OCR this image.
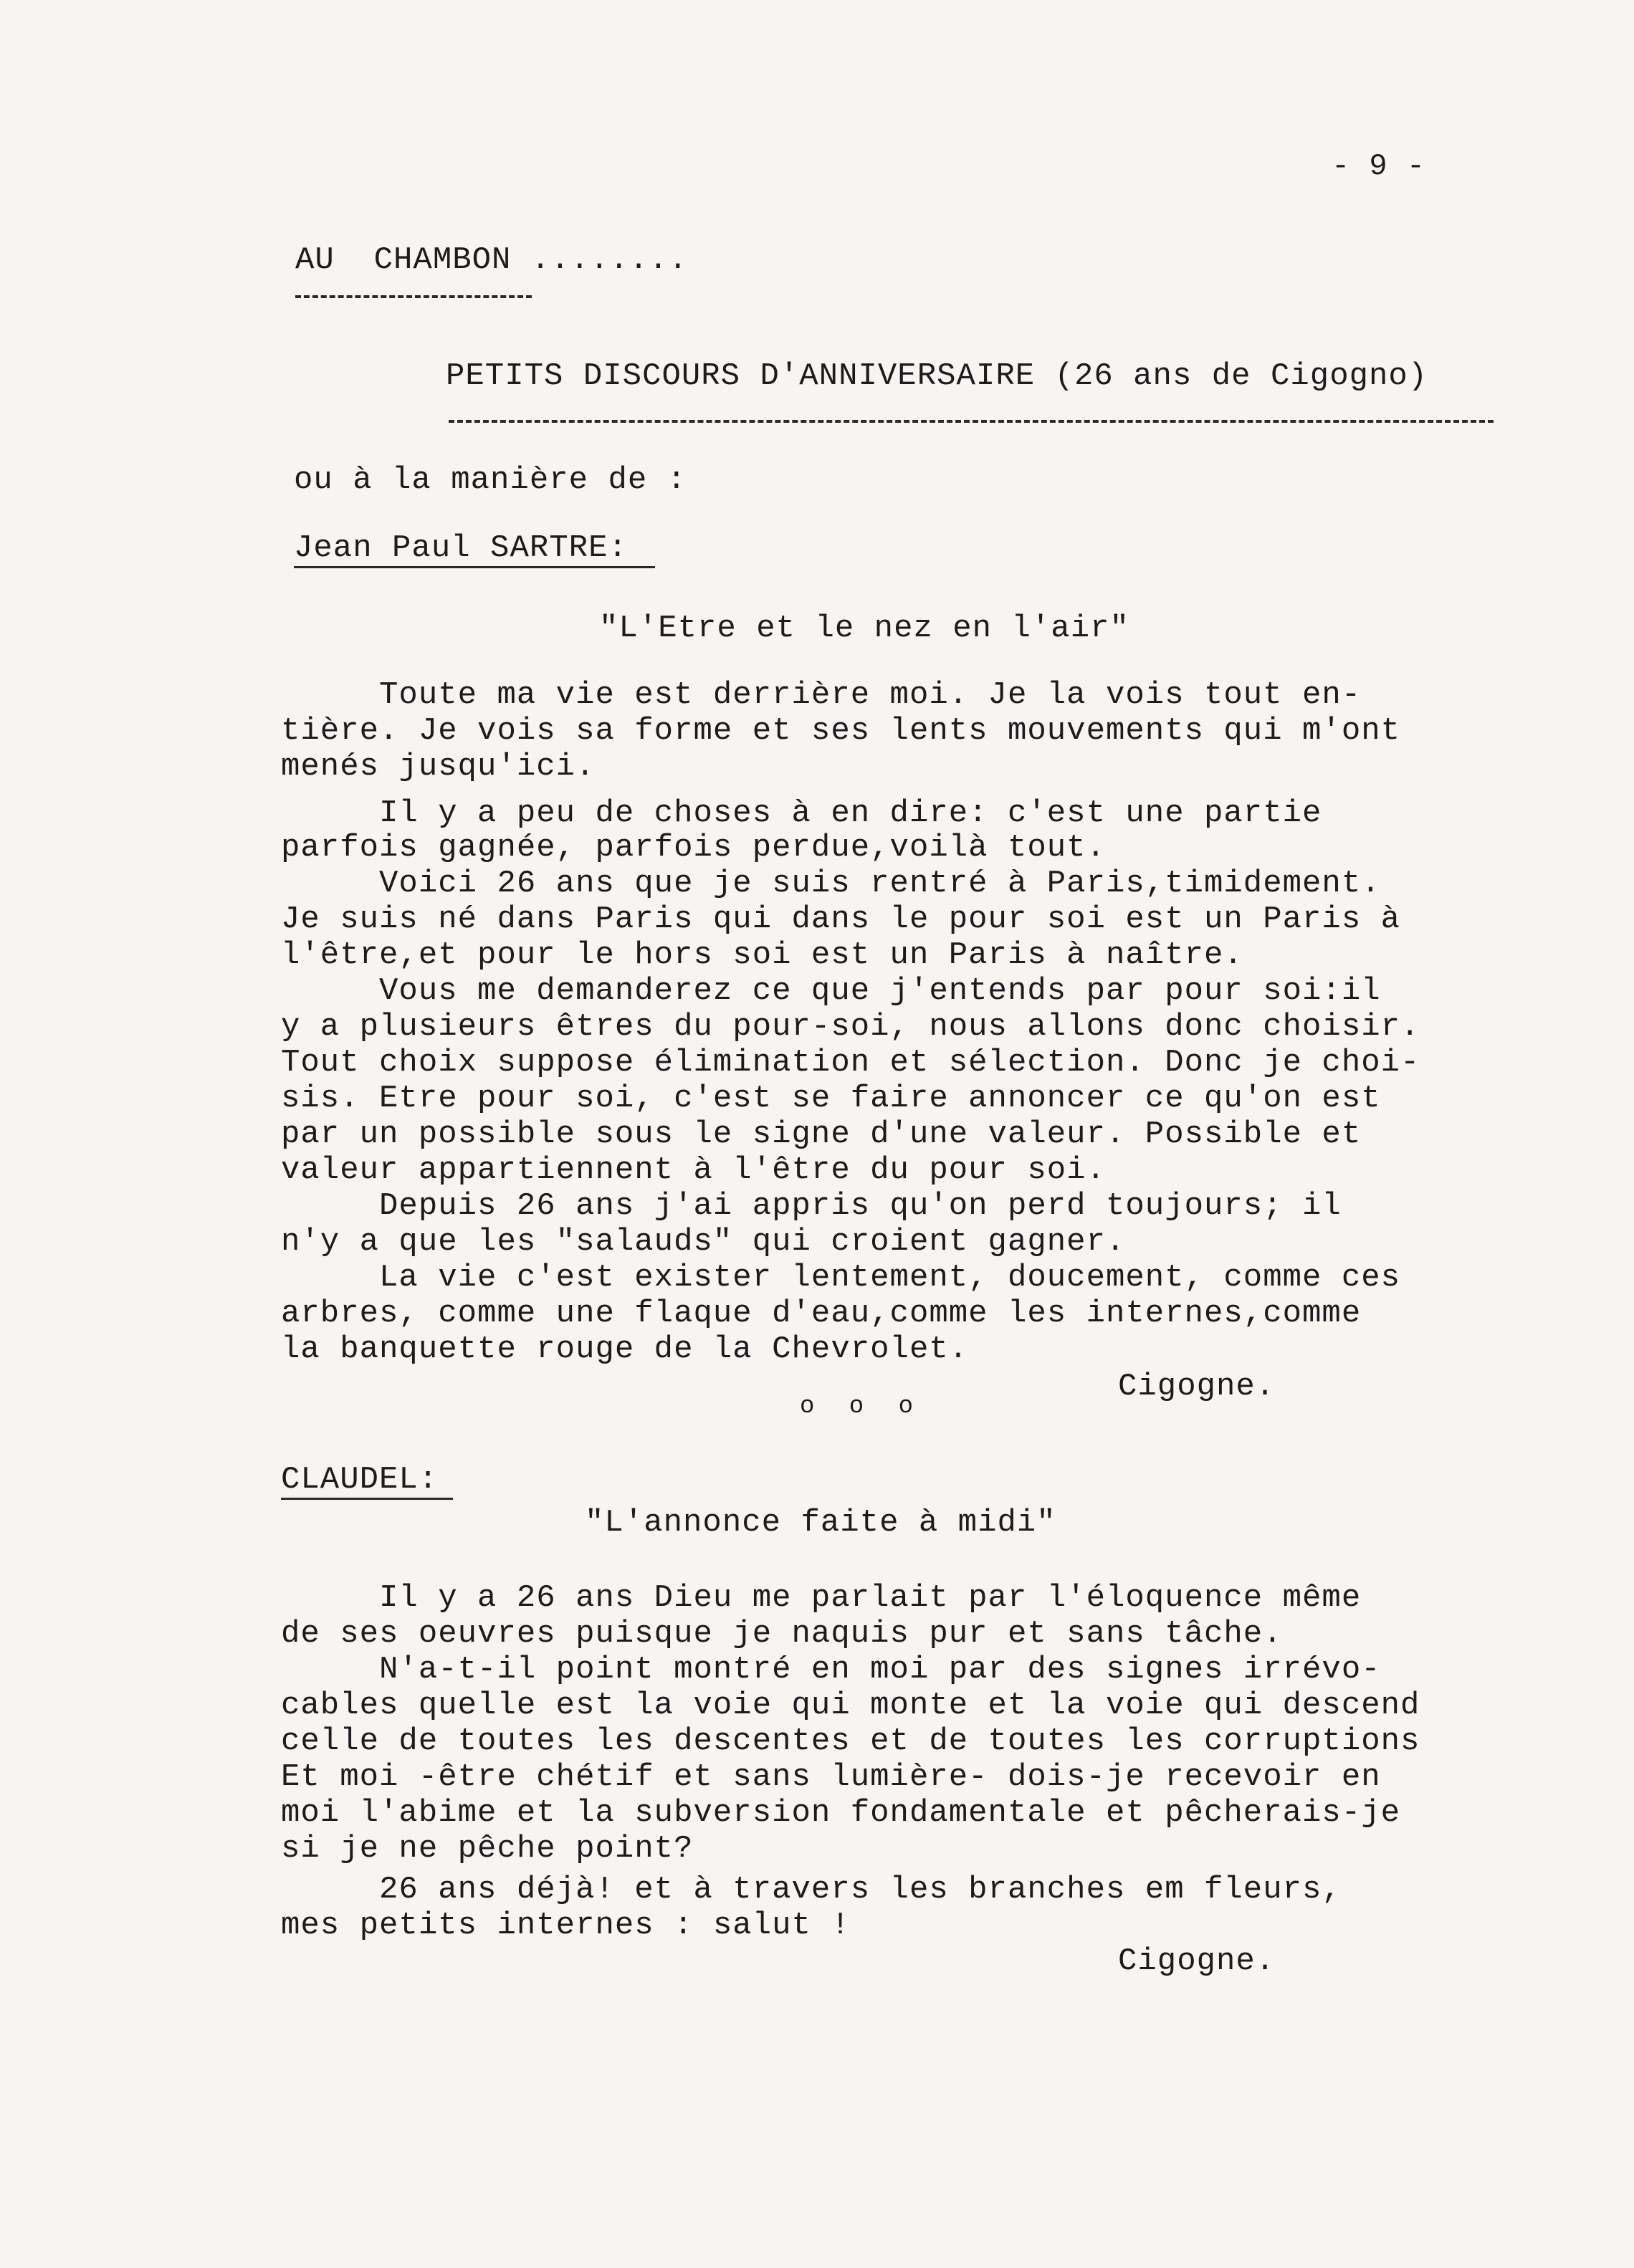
- 9 -
AU  CHAMBON ........
PETITS DISCOURS D'ANNIVERSAIRE (26 ans de Cigogno)
ou à la manière de :
Jean Paul SARTRE:
"L'Etre et le nez en l'air"
Toute ma vie est derrière moi. Je la vois tout en-
tière. Je vois sa forme et ses lents mouvements qui m'ont
menés jusqu'ici.
Il y a peu de choses à en dire: c'est une partie
parfois gagnée, parfois perdue,voilà tout.
Voici 26 ans que je suis rentré à Paris,timidement.
Je suis né dans Paris qui dans le pour soi est un Paris à
l'être,et pour le hors soi est un Paris à naître.
Vous me demanderez ce que j'entends par pour soi:il
y a plusieurs êtres du pour-soi, nous allons donc choisir.
Tout choix suppose élimination et sélection. Donc je choi-
sis. Etre pour soi, c'est se faire annoncer ce qu'on est
par un possible sous le signe d'une valeur. Possible et
valeur appartiennent à l'être du pour soi.
Depuis 26 ans j'ai appris qu'on perd toujours; il
n'y a que les "salauds" qui croient gagner.
La vie c'est exister lentement, doucement, comme ces
arbres, comme une flaque d'eau,comme les internes,comme
la banquette rouge de la Chevrolet.
Cigogne.
o o o
CLAUDEL:
"L'annonce faite à midi"
Il y a 26 ans Dieu me parlait par l'éloquence même
de ses oeuvres puisque je naquis pur et sans tâche.
N'a-t-il point montré en moi par des signes irrévo-
cables quelle est la voie qui monte et la voie qui descend
celle de toutes les descentes et de toutes les corruptions
Et moi -être chétif et sans lumière- dois-je recevoir en
moi l'abime et la subversion fondamentale et pêcherais-je
si je ne pêche point?
26 ans déjà! et à travers les branches em fleurs,
mes petits internes : salut !
Cigogne.
